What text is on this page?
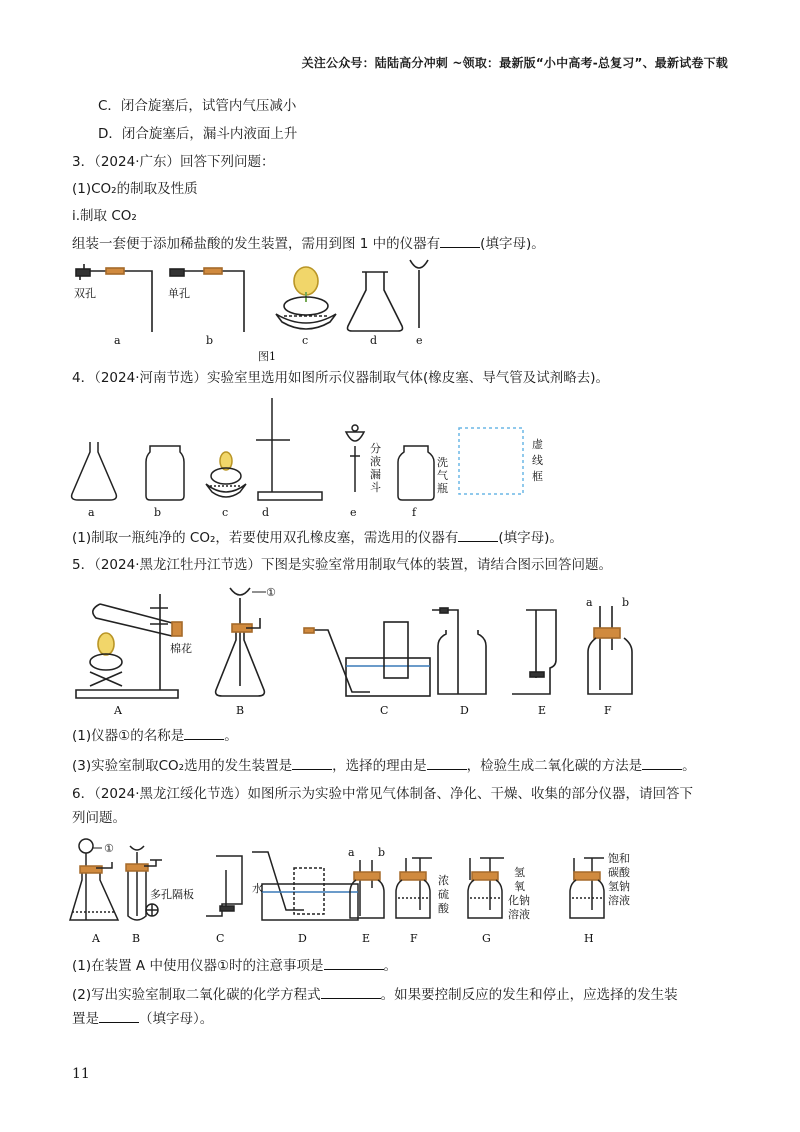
关注公众号：陆陆高分冲刺 ~领取：最新版“小中高考-总复习”、最新试卷下载
C．闭合旋塞后，试管内气压减小
D．闭合旋塞后，漏斗内液面上升
3．（2024·广东）回答下列问题：
(1)CO₂的制取及性质
i.制取 CO₂
组装一套便于添加稀盐酸的发生装置，需用到图 1 中的仪器有	(填字母)。
双孔	单孔
a	b	c	d	e
图1
4．（2024·河南节选）实验室里选用如图所示仪器制取气体(橡皮塞、导气管及试剂略去)。
分
液
漏
斗
洗
气
瓶
虚
线
框
a	b	c	d	e	f
(1)制取一瓶纯净的 CO₂，若要使用双孔橡皮塞，需选用的仪器有	(填字母)。
5．（2024·黑龙江牡丹江节选）下图是实验室常用制取气体的装置，请结合图示回答问题。
棉花
①
a	b
A	B	C	D	E	F
(1)仪器①的名称是	。
(3)实验室制取CO₂选用的发生装置是	，选择的理由是	，检验生成二氧化碳的方法是	。
6．（2024·黑龙江绥化节选）如图所示为实验中常见气体制备、净化、干燥、收集的部分仪器，请回答下
列问题。
①
多孔隔板	水
a b
浓
硫
酸
氢
氧
化钠
溶液
饱和
碳酸
氢钠
溶液
A	B	C	D	E	F	G	H
(1)在装置 A 中使用仪器①时的注意事项是	。
(2)写出实验室制取二氧化碳的化学方程式	。如果要控制反应的发生和停止，应选择的发生装
置是	（填字母）。
11
